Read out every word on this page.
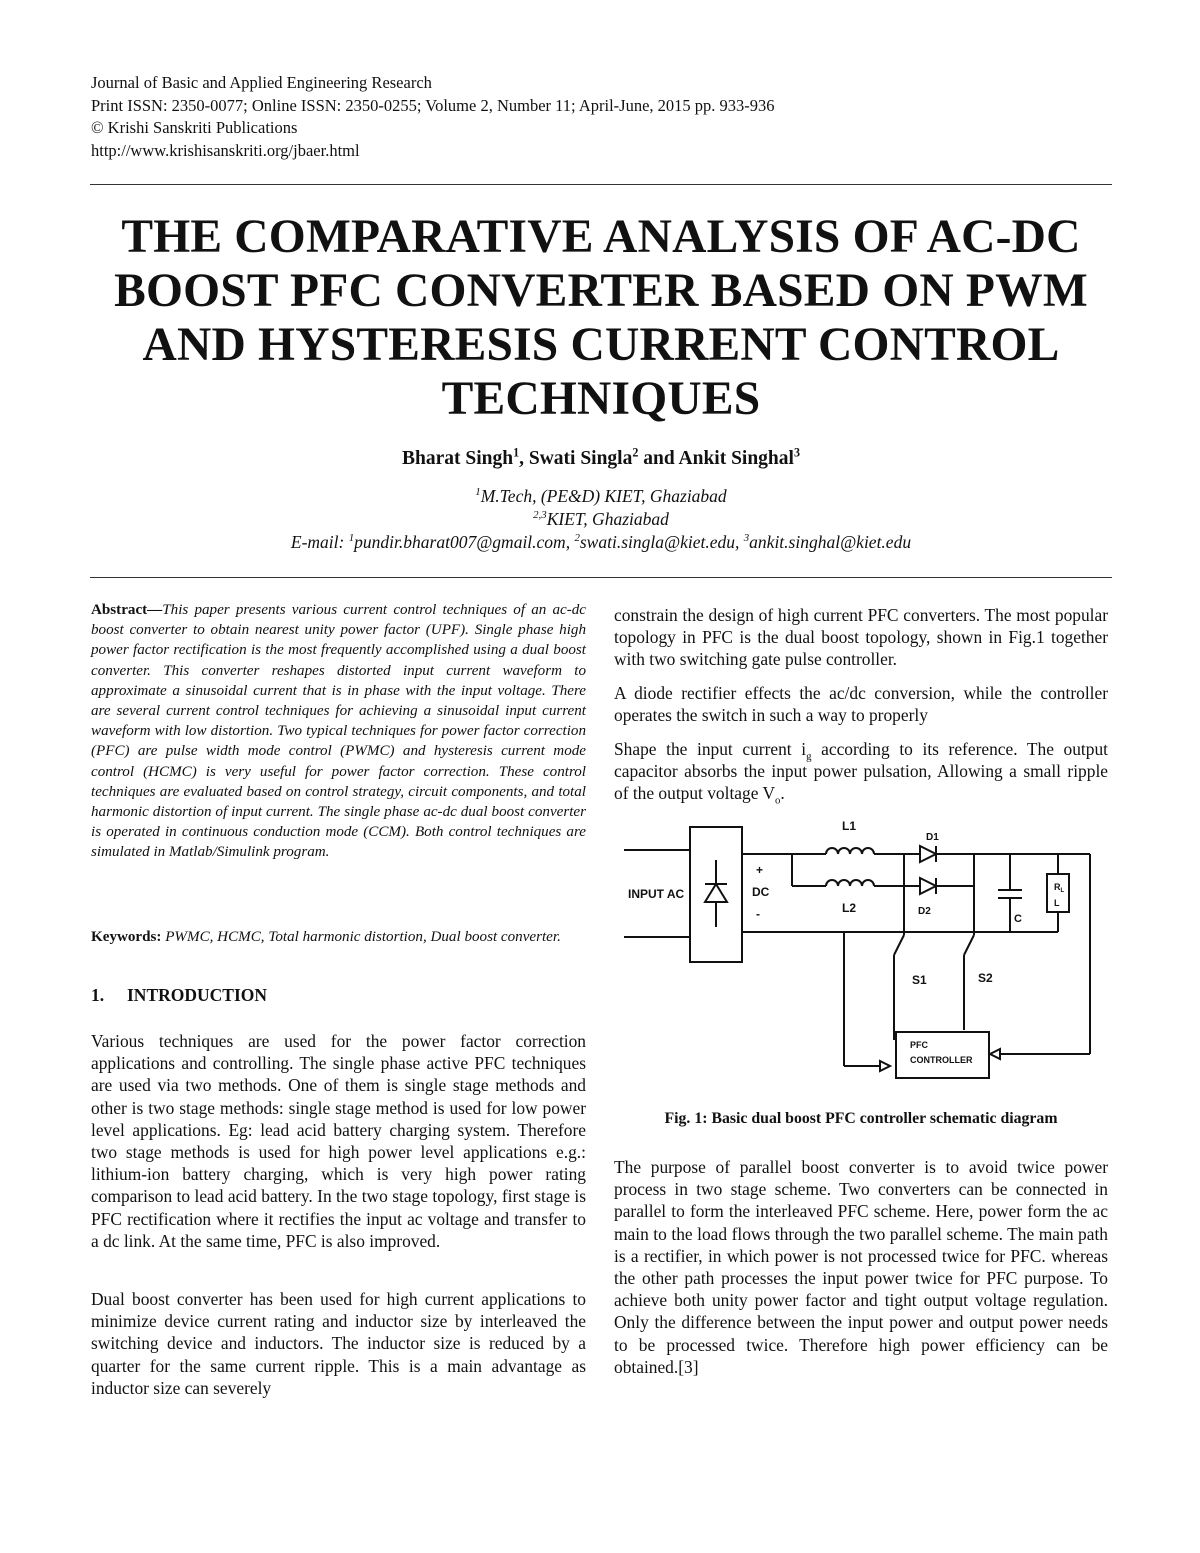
Journal of Basic and Applied Engineering Research
Print ISSN: 2350-0077; Online ISSN: 2350-0255; Volume 2, Number 11; April-June, 2015 pp. 933-936
© Krishi Sanskriti Publications
http://www.krishisanskriti.org/jbaer.html
THE COMPARATIVE ANALYSIS OF AC-DC
BOOST PFC CONVERTER BASED ON PWM
AND HYSTERESIS CURRENT CONTROL
TECHNIQUES
Bharat Singh$^1$, Swati Singla$^2$ and Ankit Singhal$^3$
$^1$M.Tech, (PE&D) KIET, Ghaziabad
$^{2,3}$KIET, Ghaziabad
E-mail: $^1$pundir.bharat007@gmail.com, $^2$swati.singla@kiet.edu, $^3$ankit.singhal@kiet.edu
Abstract—This paper presents various current control techniques of an ac-dc boost converter to obtain nearest unity power factor (UPF). Single phase high power factor rectification is the most frequently accomplished using a dual boost converter. This converter reshapes distorted input current waveform to approximate a sinusoidal current that is in phase with the input voltage. There are several current control techniques for achieving a sinusoidal input current waveform with low distortion. Two typical techniques for power factor correction (PFC) are pulse width mode control (PWMC) and hysteresis current mode control (HCMC) is very useful for power factor correction. These control techniques are evaluated based on control strategy, circuit components, and total harmonic distortion of input current. The single phase ac-dc dual boost converter is operated in continuous conduction mode (CCM). Both control techniques are simulated in Matlab/Simulink program.
Keywords: PWMC, HCMC, Total harmonic distortion, Dual boost converter.
1. INTRODUCTION
Various techniques are used for the power factor correction applications and controlling. The single phase active PFC techniques are used via two methods. One of them is single stage methods and other is two stage methods: single stage method is used for low power level applications. Eg: lead acid battery charging system. Therefore two stage methods is used for high power level applications e.g.: lithium-ion battery charging, which is very high power rating comparison to lead acid battery. In the two stage topology, first stage is PFC rectification where it rectifies the input ac voltage and transfer to a dc link. At the same time, PFC is also improved.
Dual boost converter has been used for high current applications to minimize device current rating and inductor size by interleaved the switching device and inductors. The inductor size is reduced by a quarter for the same current ripple. This is a main advantage as inductor size can severely
constrain the design of high current PFC converters. The most popular topology in PFC is the dual boost topology, shown in Fig.1 together with two switching gate pulse controller.
A diode rectifier effects the ac/dc conversion, while the controller operates the switch in such a way to properly
Shape the input current $i_g$ according to its reference. The output capacitor absorbs the input power pulsation, Allowing a small ripple of the output voltage $V_o$.
INPUT AC
+
DC
-
L1
L2
D1
D2
C
$R_L$
L
S1	S2
PFC
CONTROLLER
Fig. 1: Basic dual boost PFC controller schematic diagram
The purpose of parallel boost converter is to avoid twice power process in two stage scheme. Two converters can be connected in parallel to form the interleaved PFC scheme. Here, power form the ac main to the load flows through the two parallel scheme. The main path is a rectifier, in which power is not processed twice for PFC. whereas the other path processes the input power twice for PFC purpose. To achieve both unity power factor and tight output voltage regulation. Only the difference between the input power and output power needs to be processed twice. Therefore high power efficiency can be obtained.[3]
